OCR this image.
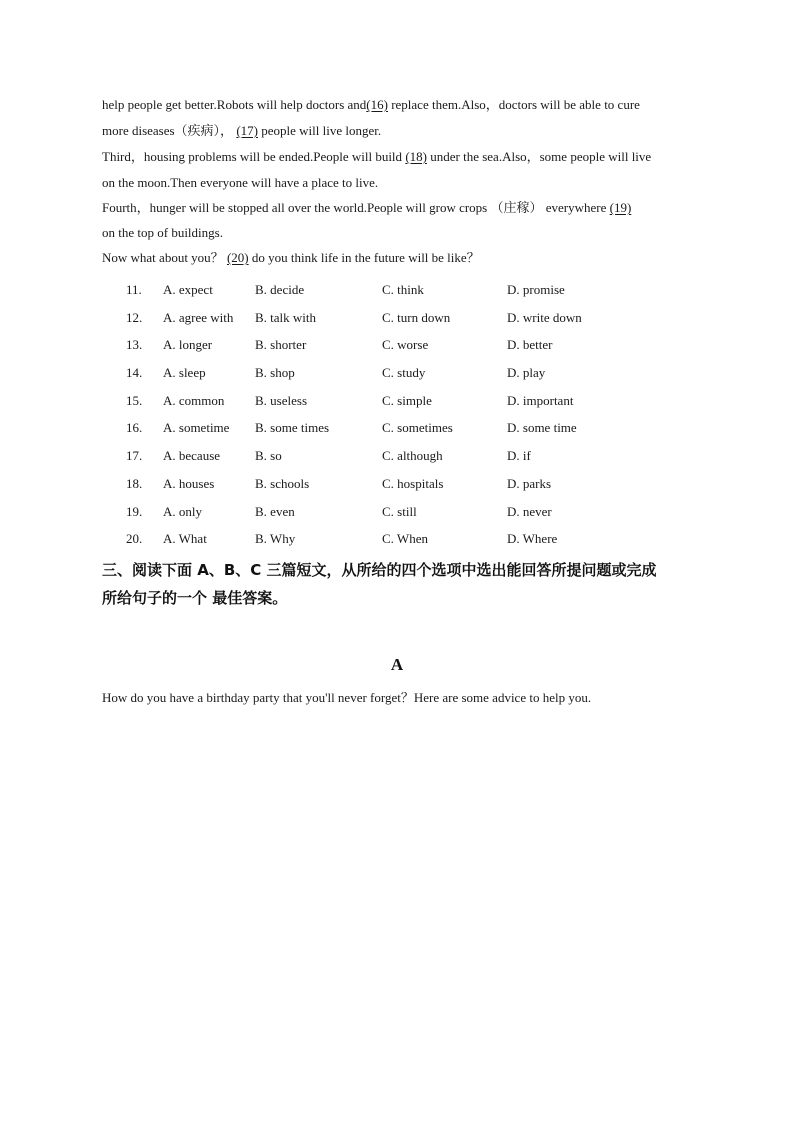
help people get better.Robots will help doctors and(16) replace them.Also，doctors will be able to cure
more diseases（疾病）， (17) people will live longer.
Third，housing problems will be ended.People will build (18) under the sea.Also，some people will live
on the moon.Then everyone will have a place to live.
Fourth，hunger will be stopped all over the world.People will grow crops （庄稼） everywhere (19)
on the top of buildings.
Now what about you？ (20) do you think life in the future will be like？
11. A. expect	B. decide	C. think	D. promise
12. A. agree with B. talk with	C. turn down	D. write down
13. A. longer	B. shorter	C. worse	D. better
14. A. sleep	B. shop	C. study	D. play
15. A. common B. useless	C. simple	D. important
16. A. sometime B. some times	C. sometimes	D. some time
17. A. because	B. so	C. although	D. if
18. A. houses	B. schools	C. hospitals	D. parks
19. A. only	B. even	C. still	D. never
20. A. What	B. Why	C. When	D. Where
三、阅读下面 A、B、C 三篇短文，从所给的四个选项中选出能回答所提问题或完成
所给句子的一个 最佳答案。
A
How do you have a birthday party that you'll never forget？Here are some advice to help you.
